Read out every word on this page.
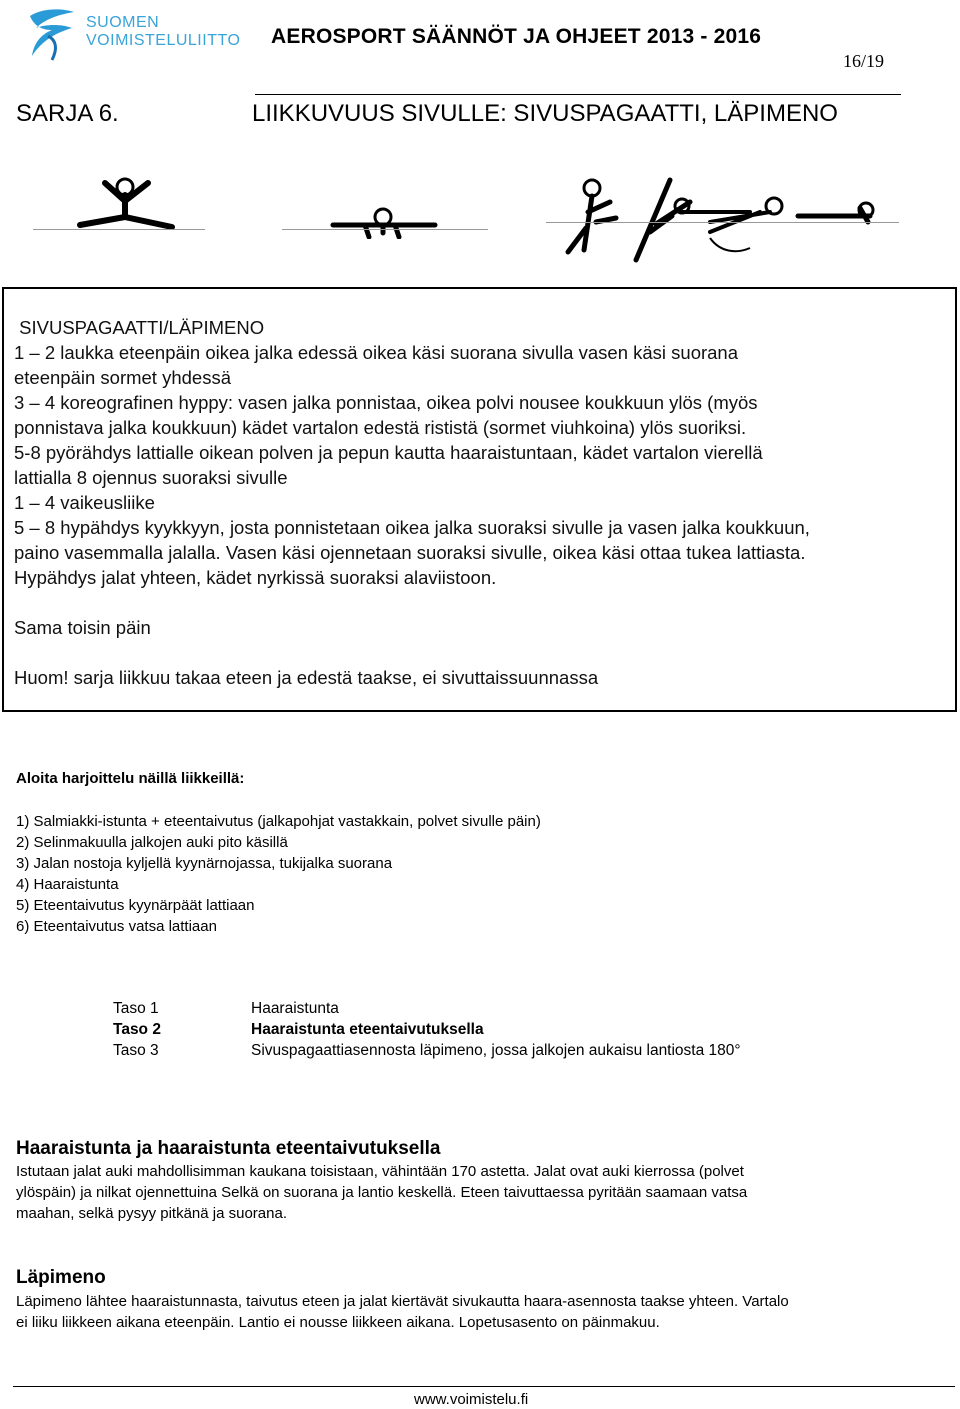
SUOMEN
VOIMISTELULIITTO AEROSPORT SÄÄNNÖT JA OHJEET 2013 - 2016
16/19
SARJA 6.	LIIKKUVUUS SIVULLE: SIVUSPAGAATTI, LÄPIMENO

SIVUSPAGAATTI/LÄPIMENO

1 – 2 laukka eteenpäin oikea jalka edessä oikea käsi suorana sivulla vasen käsi suorana

eteenpäin sormet yhdessä

3 – 4 koreografinen hyppy: vasen jalka ponnistaa, oikea polvi nousee koukkuun ylös (myös

ponnistava jalka koukkuun) kädet vartalon edestä rististä (sormet viuhkoina) ylös suoriksi.

5-8 pyörähdys lattialle oikean polven ja pepun kautta haaraistuntaan, kädet vartalon vierellä

lattialla 8 ojennus suoraksi sivulle

1 – 4 vaikeusliike

5 – 8 hypähdys kyykkyyn, josta ponnistetaan oikea jalka suoraksi sivulle ja vasen jalka koukkuun,

paino vasemmalla jalalla. Vasen käsi ojennetaan suoraksi sivulle, oikea käsi ottaa tukea lattiasta.

Hypähdys jalat yhteen, kädet nyrkissä suoraksi alaviistoon.

Sama toisin päin

Huom! sarja liikkuu takaa eteen ja edestä taakse, ei sivuttaissuunnassa

Aloita harjoittelu näillä liikkeillä:
1) Salmiakki-istunta + eteentaivutus (jalkapohjat vastakkain, polvet sivulle päin)
2) Selinmakuulla jalkojen auki pito käsillä
3) Jalan nostoja kyljellä kyynärnojassa, tukijalka suorana
4) Haaraistunta
5) Eteentaivutus kyynärpäät lattiaan
6) Eteentaivutus vatsa lattiaan
Taso 1	Haaraistunta
Taso 2	Haaraistunta eteentaivutuksella
Taso 3	Sivuspagaattiasennosta läpimeno, jossa jalkojen aukaisu lantiosta 180°
Haaraistunta ja haaraistunta eteentaivutuksella
Istutaan jalat auki mahdollisimman kaukana toisistaan, vähintään 170 astetta. Jalat ovat auki kierrossa (polvet
ylöspäin) ja nilkat ojennettuina Selkä on suorana ja lantio keskellä. Eteen taivuttaessa pyritään saamaan vatsa
maahan, selkä pysyy pitkänä ja suorana.
Läpimeno
Läpimeno lähtee haaraistunnasta, taivutus eteen ja jalat kiertävät sivukautta haara-asennosta taakse yhteen. Vartalo
ei liiku liikkeen aikana eteenpäin. Lantio ei nousse liikkeen aikana. Lopetusasento on päinmakuu.
www.voimistelu.fi
